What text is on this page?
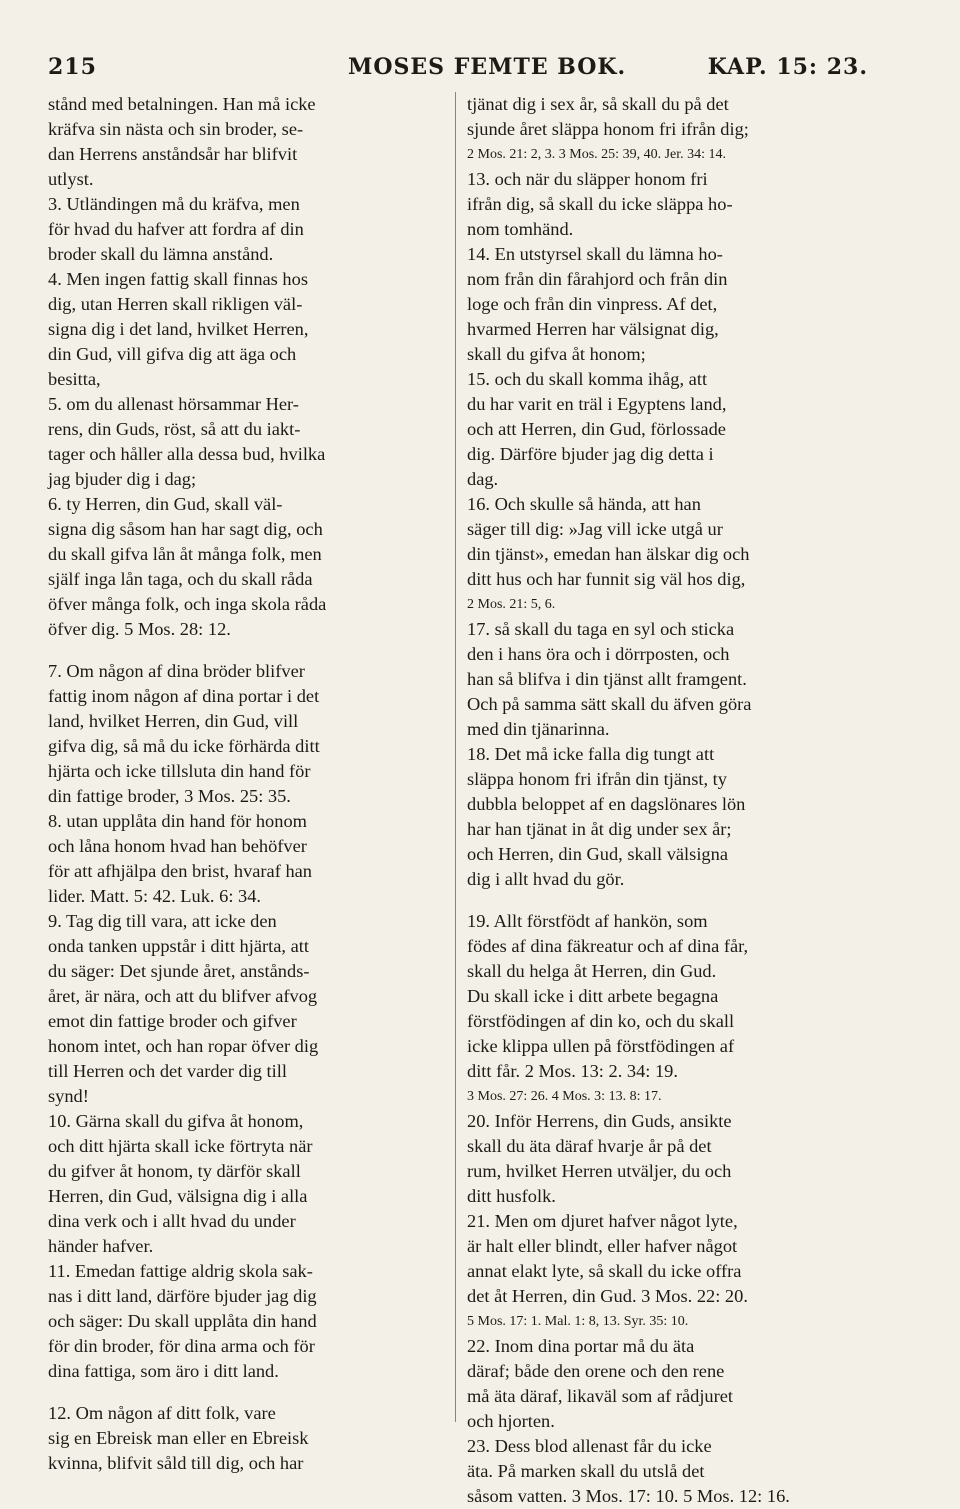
215	MOSES FEMTE BOK.	KAP. 15: 23.
stånd med betalningen. Han må icke
kräfva sin nästa och sin broder, se-
dan Herrens anståndsår har blifvit
utlyst.
3. Utländingen må du kräfva, men
för hvad du hafver att fordra af din
broder skall du lämna anstånd.
4. Men ingen fattig skall finnas hos
dig, utan Herren skall rikligen väl-
signa dig i det land, hvilket Herren,
din Gud, vill gifva dig att äga och
besitta,
5. om du allenast hörsammar Her-
rens, din Guds, röst, så att du iakt-
tager och håller alla dessa bud, hvilka
jag bjuder dig i dag;
6. ty Herren, din Gud, skall väl-
signa dig såsom han har sagt dig, och
du skall gifva lån åt många folk, men
själf inga lån taga, och du skall råda
öfver många folk, och inga skola råda
öfver dig. 5 Mos. 28: 12.
7. Om någon af dina bröder blifver
fattig inom någon af dina portar i det
land, hvilket Herren, din Gud, vill
gifva dig, så må du icke förhärda ditt
hjärta och icke tillsluta din hand för
din fattige broder, 3 Mos. 25: 35.
8. utan upplåta din hand för honom
och låna honom hvad han behöfver
för att afhjälpa den brist, hvaraf han
lider. Matt. 5: 42. Luk. 6: 34.
9. Tag dig till vara, att icke den
onda tanken uppstår i ditt hjärta, att
du säger: Det sjunde året, anstånds-
året, är nära, och att du blifver afvog
emot din fattige broder och gifver
honom intet, och han ropar öfver dig
till Herren och det varder dig till
synd!
10. Gärna skall du gifva åt honom,
och ditt hjärta skall icke förtryta när
du gifver åt honom, ty därför skall
Herren, din Gud, välsigna dig i alla
dina verk och i allt hvad du under
händer hafver.
11. Emedan fattige aldrig skola sak-
nas i ditt land, därföre bjuder jag dig
och säger: Du skall upplåta din hand
för din broder, för dina arma och för
dina fattiga, som äro i ditt land.
12. Om någon af ditt folk, vare
sig en Ebreisk man eller en Ebreisk
kvinna, blifvit såld till dig, och har
tjänat dig i sex år, så skall du på det
sjunde året släppa honom fri ifrån dig;
2 Mos. 21: 2, 3. 3 Mos. 25: 39, 40. Jer. 34: 14.
13. och när du släpper honom fri
ifrån dig, så skall du icke släppa ho-
nom tomhänd.
14. En utstyrsel skall du lämna ho-
nom från din fårahjord och från din
loge och från din vinpress. Af det,
hvarmed Herren har välsignat dig,
skall du gifva åt honom;
15. och du skall komma ihåg, att
du har varit en träl i Egyptens land,
och att Herren, din Gud, förlossade
dig. Därföre bjuder jag dig detta i
dag.
16. Och skulle så hända, att han
säger till dig: »Jag vill icke utgå ur
din tjänst», emedan han älskar dig och
ditt hus och har funnit sig väl hos dig,
2 Mos. 21: 5, 6.
17. så skall du taga en syl och sticka
den i hans öra och i dörrposten, och
han så blifva i din tjänst allt framgent.
Och på samma sätt skall du äfven göra
med din tjänarinna.
18. Det må icke falla dig tungt att
släppa honom fri ifrån din tjänst, ty
dubbla beloppet af en dagslönares lön
har han tjänat in åt dig under sex år;
och Herren, din Gud, skall välsigna
dig i allt hvad du gör.
19. Allt förstfödt af hankön, som
födes af dina fäkreatur och af dina får,
skall du helga åt Herren, din Gud.
Du skall icke i ditt arbete begagna
förstfödingen af din ko, och du skall
icke klippa ullen på förstfödingen af
ditt får. 2 Mos. 13: 2. 34: 19.
3 Mos. 27: 26. 4 Mos. 3: 13. 8: 17.
20. Inför Herrens, din Guds, ansikte
skall du äta däraf hvarje år på det
rum, hvilket Herren utväljer, du och
ditt husfolk.
21. Men om djuret hafver något lyte,
är halt eller blindt, eller hafver något
annat elakt lyte, så skall du icke offra
det åt Herren, din Gud. 3 Mos. 22: 20.
5 Mos. 17: 1. Mal. 1: 8, 13. Syr. 35: 10.
22. Inom dina portar må du äta
däraf; både den orene och den rene
må äta däraf, likaväl som af rådjuret
och hjorten.
23. Dess blod allenast får du icke
äta. På marken skall du utslå det
såsom vatten. 3 Mos. 17: 10. 5 Mos. 12: 16.
